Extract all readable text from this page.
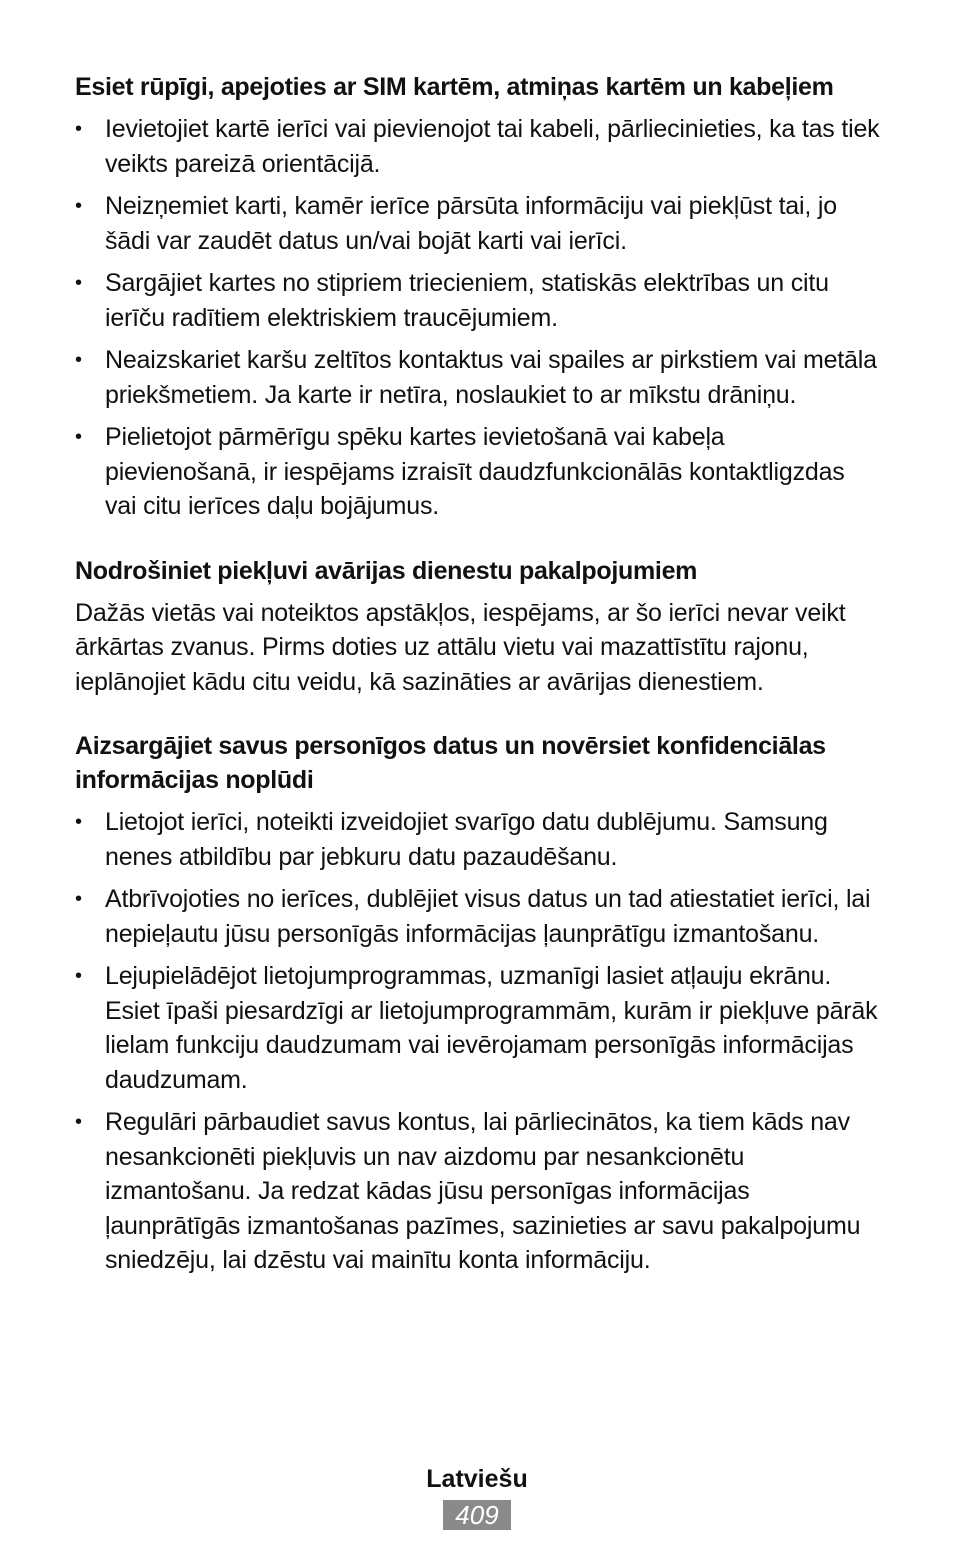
Esiet rūpīgi, apejoties ar SIM kartēm, atmiņas kartēm un kabeļiem
• Ievietojiet kartē ierīci vai pievienojot tai kabeli, pārliecinieties, ka tas tiek veikts pareizā orientācijā.
• Neizņemiet karti, kamēr ierīce pārsūta informāciju vai piekļūst tai, jo šādi var zaudēt datus un/vai bojāt karti vai ierīci.
• Sargājiet kartes no stipriem triecieniem, statiskās elektrības un citu ierīču radītiem elektriskiem traucējumiem.
• Neaizskariet karšu zeltītos kontaktus vai spailes ar pirkstiem vai metāla priekšmetiem. Ja karte ir netīra, noslaukiet to ar mīkstu drāniņu.
• Pielietojot pārmērīgu spēku kartes ievietošanā vai kabeļa pievienošanā, ir iespējams izraisīt daudzfunkcionālās kontaktligzdas vai citu ierīces daļu bojājumus.
Nodrošiniet piekļuvi avārijas dienestu pakalpojumiem

Dažās vietās vai noteiktos apstākļos, iespējams, ar šo ierīci nevar veikt ārkārtas zvanus. Pirms doties uz attālu vietu vai mazattīstītu rajonu, ieplānojiet kādu citu veidu, kā sazināties ar avārijas dienestiem.

Aizsargājiet savus personīgos datus un novērsiet konfidenciālas informācijas noplūdi
• Lietojot ierīci, noteikti izveidojiet svarīgo datu dublējumu. Samsung nenes atbildību par jebkuru datu pazaudēšanu.
• Atbrīvojoties no ierīces, dublējiet visus datus un tad atiestatiet ierīci, lai nepieļautu jūsu personīgās informācijas ļaunprātīgu izmantošanu.
• Lejupielādējot lietojumprogrammas, uzmanīgi lasiet atļauju ekrānu. Esiet īpaši piesardzīgi ar lietojumprogrammām, kurām ir piekļuve pārāk lielam funkciju daudzumam vai ievērojamam personīgās informācijas daudzumam.
• Regulāri pārbaudiet savus kontus, lai pārliecinātos, ka tiem kāds nav nesankcionēti piekļuvis un nav aizdomu par nesankcionētu izmantošanu. Ja redzat kādas jūsu personīgas informācijas ļaunprātīgās izmantošanas pazīmes, sazinieties ar savu pakalpojumu sniedzēju, lai dzēstu vai mainītu konta informāciju.
Latviešu
409
